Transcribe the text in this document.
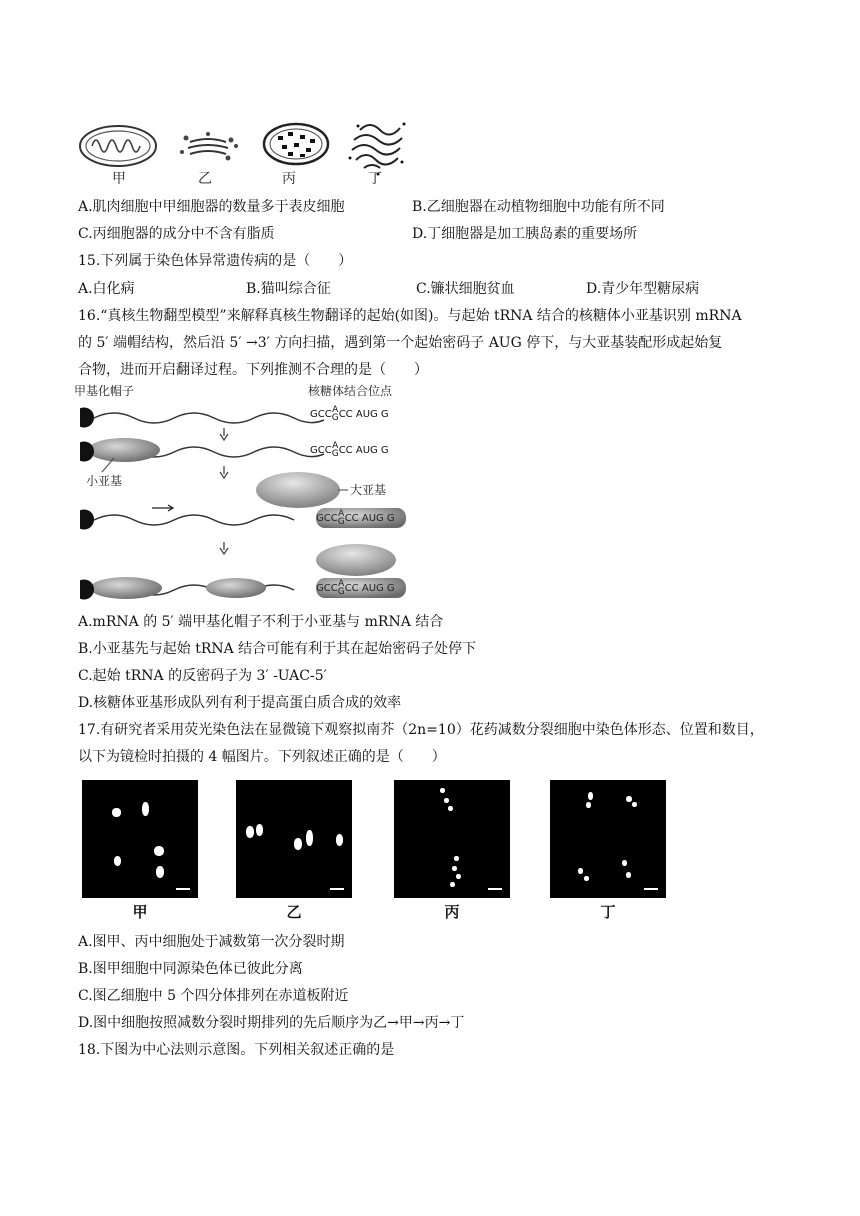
甲	乙	丙	丁
A.肌肉细胞中甲细胞器的数量多于表皮细胞	B.乙细胞器在动植物细胞中功能有所不同
C.丙细胞器的成分中不含有脂质	D.丁细胞器是加工胰岛素的重要场所
15.下列属于染色体异常遗传病的是（　　）
A.白化病	B.猫叫综合征	C.镰状细胞贫血	D.青少年型糖尿病
16.“真核生物翻型模型”来解释真核生物翻译的起始(如图)。与起始 tRNA 结合的核糖体小亚基识别 mRNA
的 5′ 端帽结构，然后沿 5′ →3′ 方向扫描，遇到第一个起始密码子 AUG 停下，与大亚基装配形成起始复
合物，进而开启翻译过程。下列推测不合理的是（　　）
甲基化帽子	核糖体结合位点
GCCA
GCC AUG G
GCCA
GCC AUG G
GCCA
GCC AUG G
GCCA
GCC AUG G
小亚基
大亚基
A.mRNA 的 5′ 端甲基化帽子不利于小亚基与 mRNA 结合
B.小亚基先与起始 tRNA 结合可能有利于其在起始密码子处停下
C.起始 tRNA 的反密码子为 3′ -UAC-5′
D.核糖体亚基形成队列有利于提高蛋白质合成的效率
17.有研究者采用荧光染色法在显微镜下观察拟南芥（2n=10）花药减数分裂细胞中染色体形态、位置和数目，
以下为镜检时拍摄的 4 幅图片。下列叙述正确的是（　　）
甲	乙	丙	丁
A.图甲、丙中细胞处于减数第一次分裂时期
B.图甲细胞中同源染色体已彼此分离
C.图乙细胞中 5 个四分体排列在赤道板附近
D.图中细胞按照减数分裂时期排列的先后顺序为乙→甲→丙→丁
18.下图为中心法则示意图。下列相关叙述正确的是
